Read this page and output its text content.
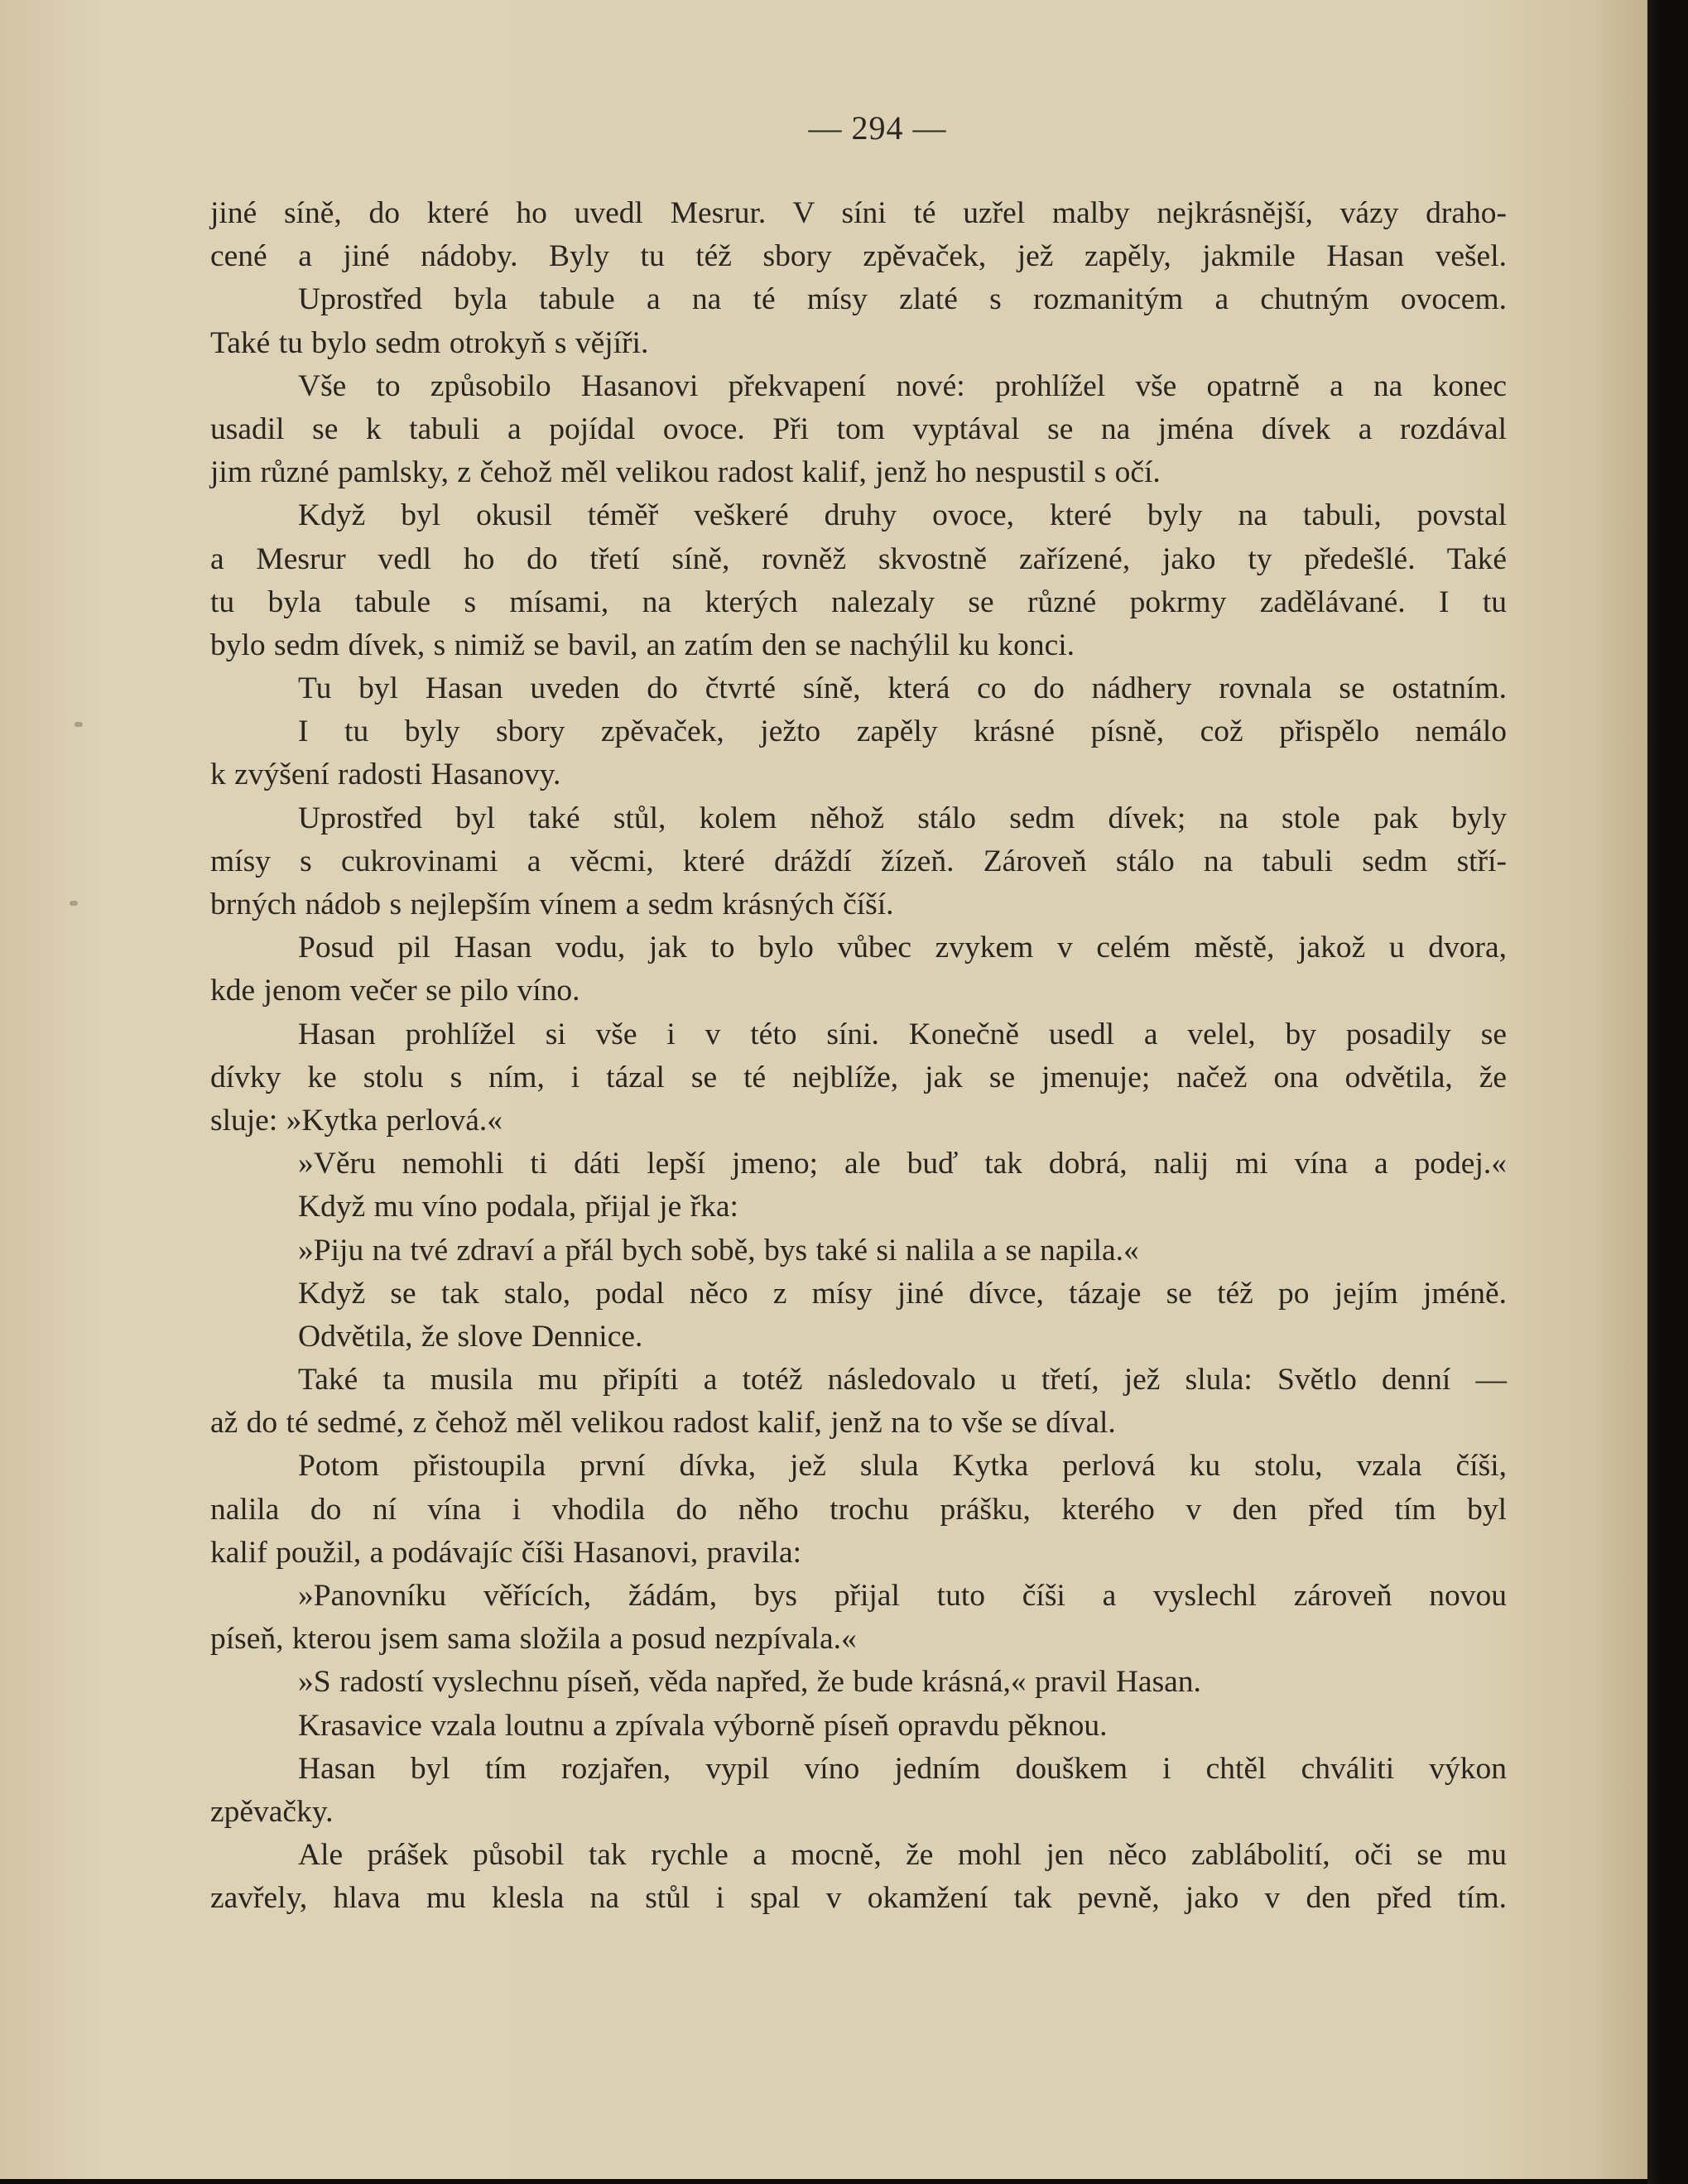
— 294 —
jiné síně, do které ho uvedl Mesrur. V síni té uzřel malby nejkrásnější, vázy draho-
cené a jiné nádoby. Byly tu též sbory zpěvaček, jež zapěly, jakmile Hasan vešel.
Uprostřed byla tabule a na té mísy zlaté s rozmanitým a chutným ovocem.
Také tu bylo sedm otrokyň s vějíři.
Vše to způsobilo Hasanovi překvapení nové: prohlížel vše opatrně a na konec
usadil se k tabuli a pojídal ovoce. Při tom vyptával se na jména dívek a rozdával
jim různé pamlsky, z čehož měl velikou radost kalif, jenž ho nespustil s očí.
Když byl okusil téměř veškeré druhy ovoce, které byly na tabuli, povstal
a Mesrur vedl ho do třetí síně, rovněž skvostně zařízené, jako ty předešlé. Také
tu byla tabule s mísami, na kterých nalezaly se různé pokrmy zadělávané. I tu
bylo sedm dívek, s nimiž se bavil, an zatím den se nachýlil ku konci.
Tu byl Hasan uveden do čtvrté síně, která co do nádhery rovnala se ostatním.
I tu byly sbory zpěvaček, ježto zapěly krásné písně, což přispělo nemálo
k zvýšení radosti Hasanovy.
Uprostřed byl také stůl, kolem něhož stálo sedm dívek; na stole pak byly
mísy s cukrovinami a věcmi, které dráždí žízeň. Zároveň stálo na tabuli sedm stří-
brných nádob s nejlepším vínem a sedm krásných číší.
Posud pil Hasan vodu, jak to bylo vůbec zvykem v celém městě, jakož u dvora,
kde jenom večer se pilo víno.
Hasan prohlížel si vše i v této síni. Konečně usedl a velel, by posadily se
dívky ke stolu s ním, i tázal se té nejblíže, jak se jmenuje; načež ona odvětila, že
sluje: »Kytka perlová.«
»Věru nemohli ti dáti lepší jmeno; ale buď tak dobrá, nalij mi vína a podej.«
Když mu víno podala, přijal je řka:
»Piju na tvé zdraví a přál bych sobě, bys také si nalila a se napila.«
Když se tak stalo, podal něco z mísy jiné dívce, tázaje se též po jejím jméně.
Odvětila, že slove Dennice.
Také ta musila mu připíti a totéž následovalo u třetí, jež slula: Světlo denní —
až do té sedmé, z čehož měl velikou radost kalif, jenž na to vše se díval.
Potom přistoupila první dívka, jež slula Kytka perlová ku stolu, vzala číši,
nalila do ní vína i vhodila do něho trochu prášku, kterého v den před tím byl
kalif použil, a podávajíc číši Hasanovi, pravila:
»Panovníku věřících, žádám, bys přijal tuto číši a vyslechl zároveň novou
píseň, kterou jsem sama složila a posud nezpívala.«
»S radostí vyslechnu píseň, věda napřed, že bude krásná,« pravil Hasan.
Krasavice vzala loutnu a zpívala výborně píseň opravdu pěknou.
Hasan byl tím rozjařen, vypil víno jedním douškem i chtěl chváliti výkon
zpěvačky.
Ale prášek působil tak rychle a mocně, že mohl jen něco zablábolití, oči se mu
zavřely, hlava mu klesla na stůl i spal v okamžení tak pevně, jako v den před tím.
